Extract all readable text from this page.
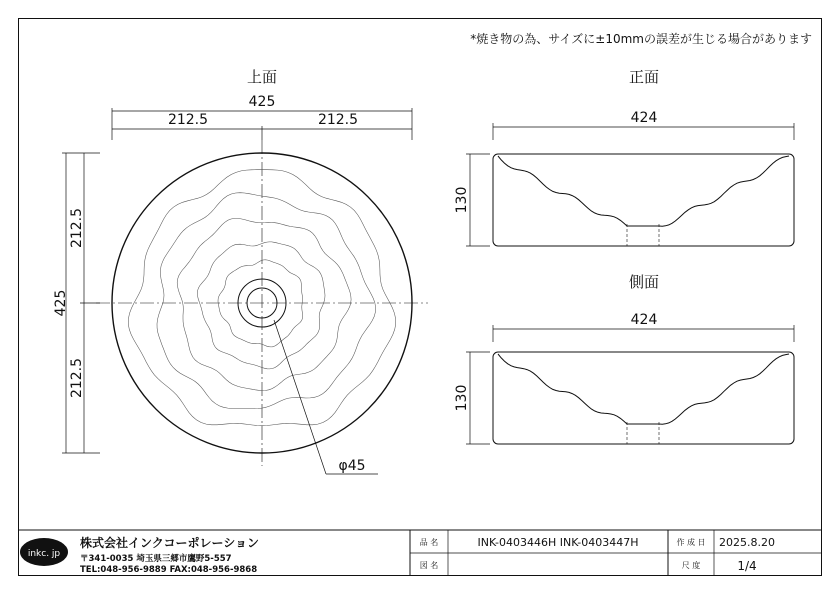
*焼き物の為、サイズに±10mmの誤差が生じる場合があります
上面
425
212.5	212.5
425
212.5
212.5
φ45
正面
424
130
側面
424
130
inkc. jp
株式会社インクコーポレーション
〒341-0035 埼玉県三郷市鷹野5-557
TEL:048-956-9889 FAX:048-956-9868
品 名	INK-0403446H INK-0403447H
図 名
作 成 日 2025.8.20
尺 度	1/4
